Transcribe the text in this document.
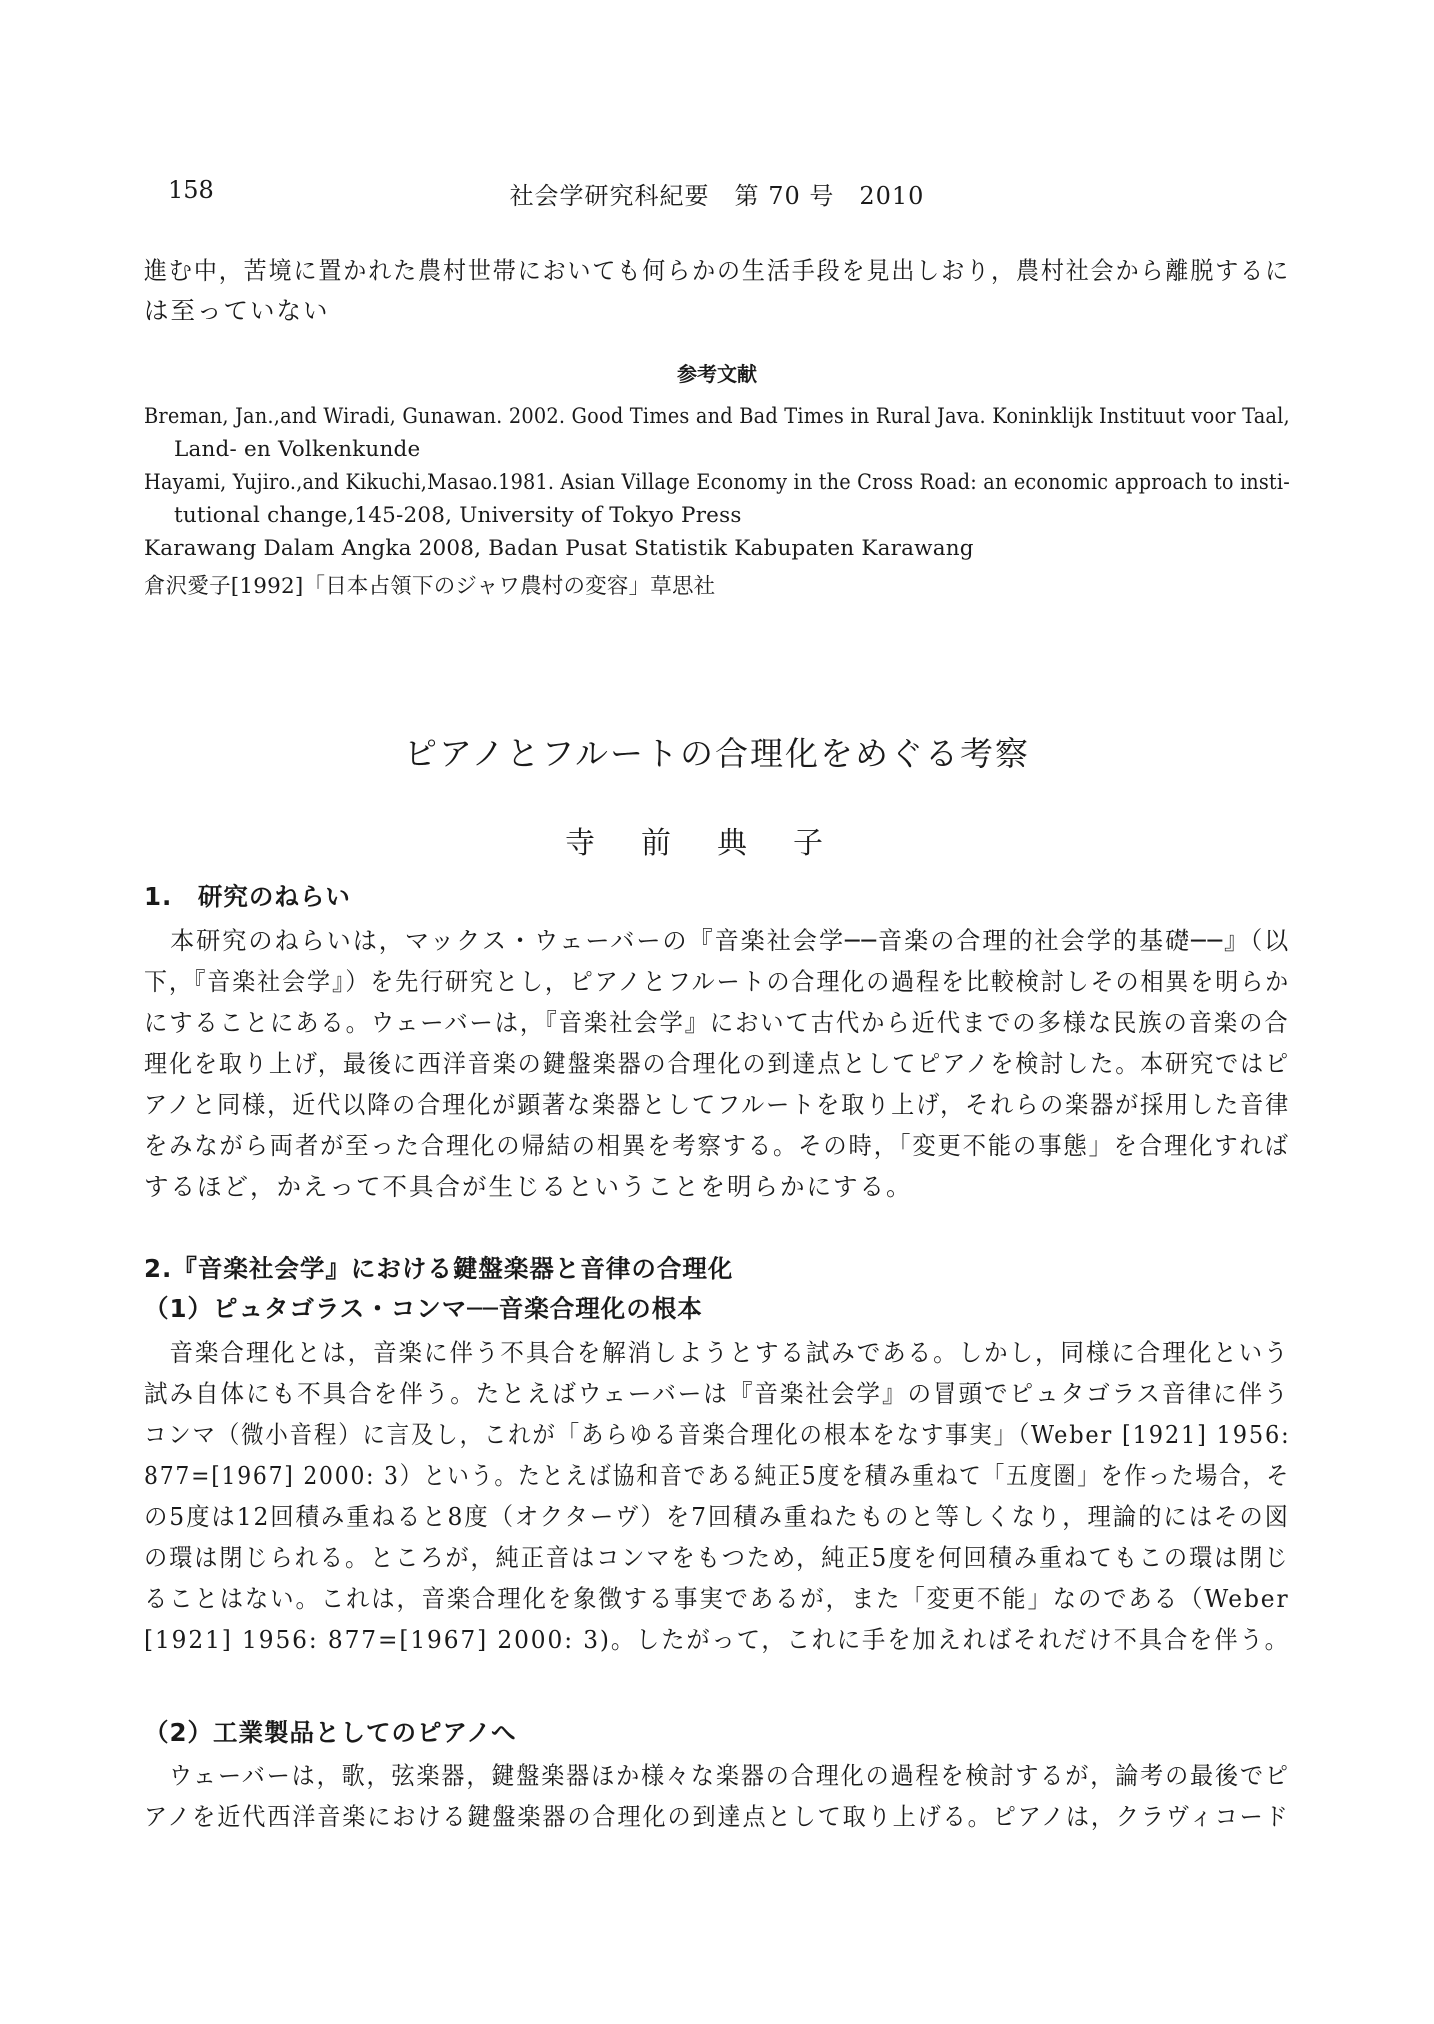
158	社会学研究科紀要　第 70 号　2010
進む中，苦境に置かれた農村世帯においても何らかの生活手段を見出しおり，農村社会から離脱するに
は至っていない
参考文献
Breman, Jan.,and Wiradi, Gunawan. 2002. Good Times and Bad Times in Rural Java. Koninklijk Instituut voor Taal,
Land- en Volkenkunde
Hayami, Yujiro.,and Kikuchi,Masao.1981. Asian Village Economy in the Cross Road: an economic approach to insti-
tutional change,145-208, University of Tokyo Press
Karawang Dalam Angka 2008, Badan Pusat Statistik Kabupaten Karawang
倉沢愛子[1992]「日本占領下のジャワ農村の変容」草思社
ピアノとフルートの合理化をめぐる考察
寺前典子
1.　研究のねらい
　本研究のねらいは，マックス・ウェーバーの『音楽社会学──音楽の合理的社会学的基礎──』（以
下，『音楽社会学』）を先行研究とし，ピアノとフルートの合理化の過程を比較検討しその相異を明らか
にすることにある。ウェーバーは，『音楽社会学』において古代から近代までの多様な民族の音楽の合
理化を取り上げ，最後に西洋音楽の鍵盤楽器の合理化の到達点としてピアノを検討した。本研究ではピ
アノと同様，近代以降の合理化が顕著な楽器としてフルートを取り上げ，それらの楽器が採用した音律
をみながら両者が至った合理化の帰結の相異を考察する。その時，「変更不能の事態」を合理化すれば
するほど，かえって不具合が生じるということを明らかにする。
2.『音楽社会学』における鍵盤楽器と音律の合理化
（1）ピュタゴラス・コンマ──音楽合理化の根本
　音楽合理化とは，音楽に伴う不具合を解消しようとする試みである。しかし，同様に合理化という
試み自体にも不具合を伴う。たとえばウェーバーは『音楽社会学』の冒頭でピュタゴラス音律に伴う
コンマ（微小音程）に言及し，これが「あらゆる音楽合理化の根本をなす事実」（Weber [1921] 1956:
877=[1967] 2000: 3）という。たとえば協和音である純正5度を積み重ねて「五度圏」を作った場合，そ
の5度は12回積み重ねると8度（オクターヴ）を7回積み重ねたものと等しくなり，理論的にはその図
の環は閉じられる。ところが，純正音はコンマをもつため，純正5度を何回積み重ねてもこの環は閉じ
ることはない。これは，音楽合理化を象徴する事実であるが，また「変更不能」なのである（Weber
[1921] 1956: 877=[1967] 2000: 3)。したがって，これに手を加えればそれだけ不具合を伴う。
（2）工業製品としてのピアノへ
　ウェーバーは，歌，弦楽器，鍵盤楽器ほか様々な楽器の合理化の過程を検討するが，論考の最後でピ
アノを近代西洋音楽における鍵盤楽器の合理化の到達点として取り上げる。ピアノは，クラヴィコード
